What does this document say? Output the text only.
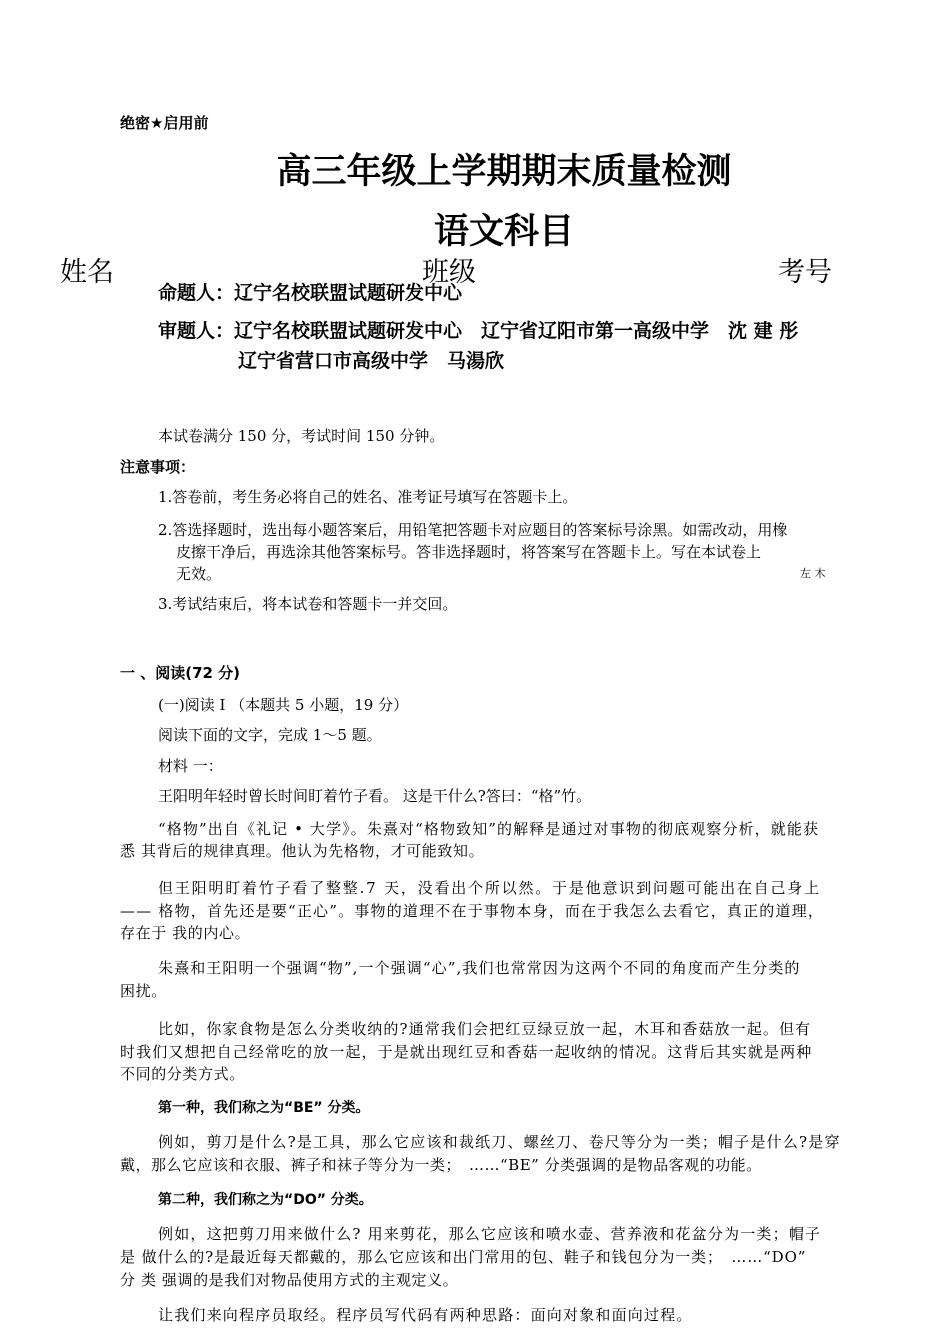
绝密★启用前
高三年级上学期期末质量检测
语文科目
姓名	班级	考号
命题人：辽宁名校联盟试题研发中心
审题人：辽宁名校联盟试题研发中心　辽宁省辽阳市第一高级中学　沈 建 彤
辽宁省营口市高级中学　马湯欣
本试卷满分 150 分，考试时间 150 分钟。
注意事项：
1.答卷前，考生务必将自己的姓名、准考证号填写在答题卡上。
2.答选择题时，选出每小题答案后，用铅笔把答题卡对应题目的答案标号涂黑。如需改动，用橡
皮擦干净后，再选涂其他答案标号。答非选择题时，将答案写在答题卡上。写在本试卷上
无效。	左 木
3.考试结束后，将本试卷和答题卡一并交回。
一 、阅读(72 分)
(一)阅读 I （本题共 5 小题，19 分）
阅读下面的文字，完成 1～5 题。
材料 一：
王阳明年轻时曾长时间盯着竹子看。 这是干什么?答曰：“格”竹。
“格物”出自《礼记 • 大学》。朱熹对“格物致知”的解释是通过对事物的彻底观察分析，就能获
悉 其背后的规律真理。他认为先格物，才可能致知。
但王阳明盯着竹子看了整整.7 天，没看出个所以然。于是他意识到问题可能出在自己身上
—— 格物，首先还是要“正心”。事物的道理不在于事物本身，而在于我怎么去看它，真正的道理，
存在于 我的内心。
朱熹和王阳明一个强调“物”,一个强调“心”,我们也常常因为这两个不同的角度而产生分类的
困扰。
比如，你家食物是怎么分类收纳的?通常我们会把红豆绿豆放一起，木耳和香菇放一起。但有
时我们又想把自己经常吃的放一起，于是就出现红豆和香菇一起收纳的情况。这背后其实就是两种
不同的分类方式。
第一种，我们称之为“BE” 分类。
例如，剪刀是什么?是工具，那么它应该和裁纸刀、螺丝刀、卷尺等分为一类；帽子是什么?是穿
戴，那么它应该和衣服、裤子和袜子等分为一类；　……“BE” 分类强调的是物品客观的功能。
第二种，我们称之为“DO” 分类。
例如，这把剪刀用来做什么? 用来剪花，那么它应该和喷水壶、营养液和花盆分为一类；帽子
是 做什么的?是最近每天都戴的，那么它应该和出门常用的包、鞋子和钱包分为一类；　……“DO”
分 类 强调的是我们对物品使用方式的主观定义。
让我们来向程序员取经。程序员写代码有两种思路：面向对象和面向过程。
